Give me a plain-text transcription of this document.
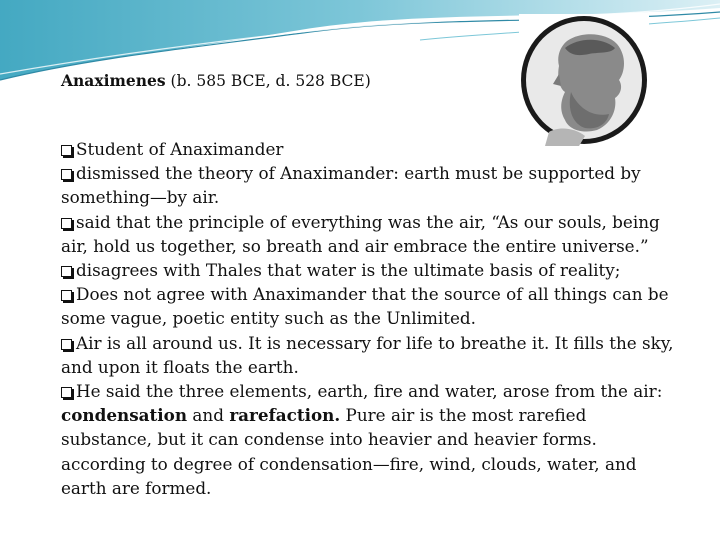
Anaximenes (b. 585 BCE, d. 528 BCE)

Student of Anaximander

dismissed the theory of Anaximander: earth must be supported by something—by air.

said that the principle of everything was the air, “As our souls, being air, hold us together, so breath and air embrace the entire universe.”

disagrees with Thales that water is the ultimate basis of reality;

Does not agree with Anaximander that the source of all things can be some vague, poetic entity such as the Unlimited.

Air is all around us. It is necessary for life to breathe it. It fills the sky, and upon it floats the earth.

He said the three elements, earth, fire and water, arose from the air: condensation and rarefaction. Pure air is the most rarefied substance, but it can condense into heavier and heavier forms. according to degree of condensation—fire, wind, clouds, water, and earth are formed.
